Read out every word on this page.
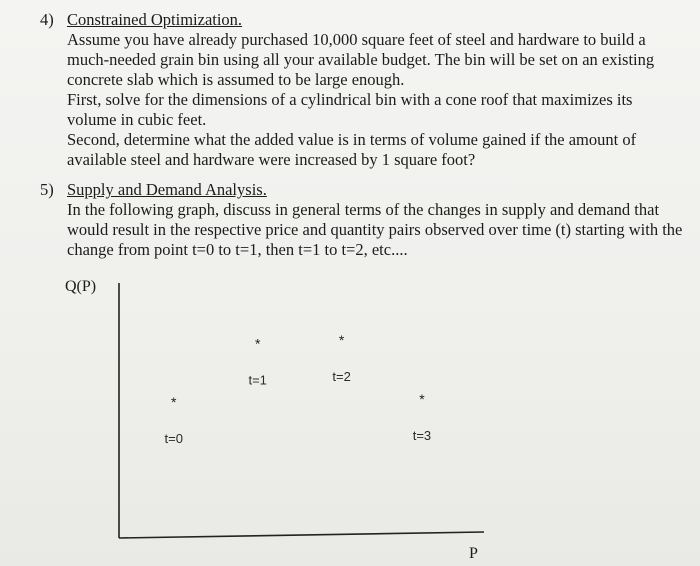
4) Constrained Optimization.
Assume you have already purchased 10,000 square feet of steel and hardware to build a
much-needed grain bin using all your available budget. The bin will be set on an existing
concrete slab which is assumed to be large enough.
First, solve for the dimensions of a cylindrical bin with a cone roof that maximizes its
volume in cubic feet.
Second, determine what the added value is in terms of volume gained if the amount of
available steel and hardware were increased by 1 square foot?
5) Supply and Demand Analysis.
In the following graph, discuss in general terms of the changes in supply and demand that
would result in the respective price and quantity pairs observed over time (t) starting with the
change from point t=0 to t=1, then t=1 to t=2, etc....
Q(P)
P
*
t=0
*
t=1
*
t=2
*
t=3
